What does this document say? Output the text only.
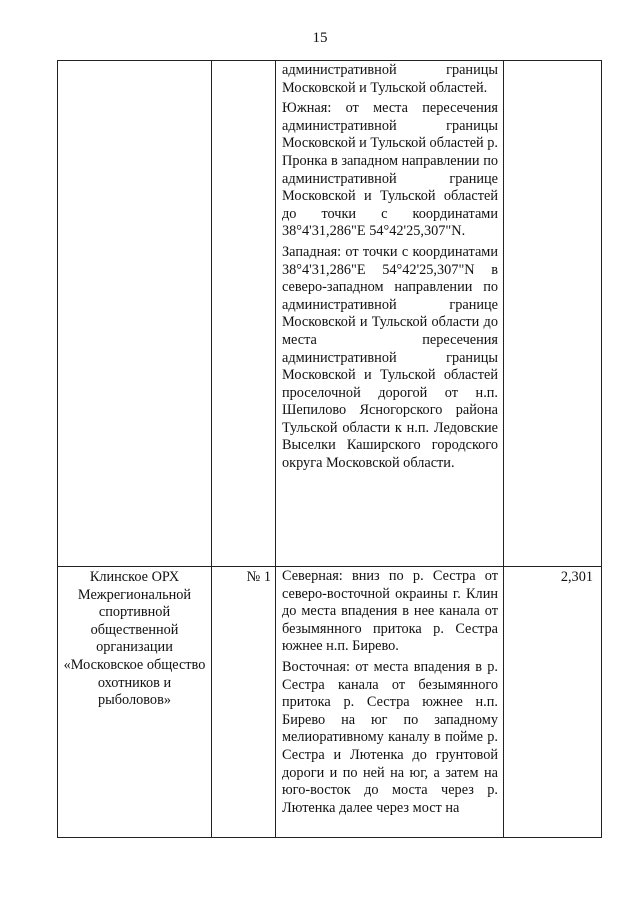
15

		административной границы Московской и Тульской областей.

Южная: от места пересечения административной границы Московской и Тульской областей р. Пронка в западном направлении по административной границе Московской и Тульской областей до точки с координатами 38°4'31,286"E 54°42'25,307"N.

Западная: от точки с координатами 38°4'31,286"E 54°42'25,307"N в северо-западном направлении по административной границе Московской и Тульской области до места пересечения административной границы Московской и Тульской областей проселочной дорогой от н.п. Шепилово Ясногорского района Тульской области к н.п. Ледовские Выселки Каширского городского округа Московской области.	

Клинское ОРХ Межрегиональной спортивной общественной организации «Московское общество охотников и рыболовов»	№ 1	Северная: вниз по р. Сестра от северо-восточной окраины г. Клин до места впадения в нее канала от безымянного притока р. Сестра южнее н.п. Бирево.

Восточная: от места впадения в р. Сестра канала от безымянного притока р. Сестра южнее н.п. Бирево на юг по западному мелиоративному каналу в пойме р. Сестра и Лютенка до грунтовой дороги и по ней на юг, а затем на юго-восток до моста через р. Лютенка далее через мост на	2,301
